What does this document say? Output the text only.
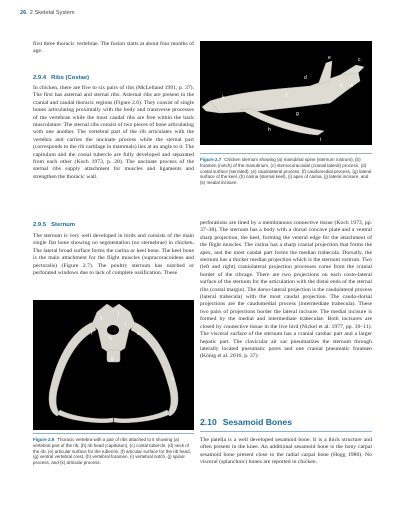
26 2 Skeletal System
first three thoracic vertebrae. The fusion starts at about four months of age.
2.9.4 Ribs (Costae)
In chicken, there are five to six pairs of ribs (McLelland 1991, p. 37). The first has asternal and sternal ribs. Asternal ribs are present in the cranial and caudal thoracic regions (Figure 2.6). They consist of single bones articulating proximally with the body and transverse processes of the vertebrae while the most caudal ribs are free within the back musculature. The sternal ribs consist of two pieces of bone articulating with one another. The vertebral part of the rib articulates with the vertebra and carries the uncinate process while the sternal part (corresponds to the rib cartilage in mammals) lies at an angle to it. The capitulum and the costal tubercle are fully developed and separated from each other (Koch 1973, p. 28). The uncinate process of the sternal ribs supply attachment for muscles and ligaments and strengthen the thoracic wall.
2.9.5 Sternum
The sternum is very well developed in birds and consists of the main single flat bone showing no segmentation (no sternebrae) in chicken. The lateral broad surface forms the carina or keel bone. The keel bone is the main attachment for the flight muscles (supracoracoideus and pectoralis) (Figure 2.7). The poultry sternum has notched or perforated windows due to lack of complete ossification. These
k
j
i
h
g
f	e
a
Figure 2.6 Thoracic vertebra with a pair of ribs attached to it showing (a) vertebral part of the rib, (b) rib head (capitulum), (c) costal tubercle, (d) neck of the rib, (e) articular surface for the tubercle, (f) articular surface for the rib head, (g) ventral vertebral crest, (h) vertebral foramen, (i) vertebral notch, (j) spinal process, and (k) articular process.
e
d
c
b a
f
g
h
k
i
Figure 2.7 Chicken sternum showing (a) manubrial spine (sternum rostrum), (b) foramen (notch) of the manubrium, (c) sternocoracoidal (cranial lateral) process, (d) costal surface (serrated), (e) caudolateral process, (f) caudomedial process, (g) lateral surface of the keel, (h) carina (sternal keel), (i) apex of carina, (j) lateral incisure, and (k) medial incisure.
perforations are lined by a membranous connective tissue (Koch 1973, pp. 37–38). The sternum has a body with a dorsal concave plate and a ventral sharp projection, the keel, forming the ventral edge for the attachment of the flight muscles. The carina has a sharp cranial projection that forms the apex, and the most caudal part forms the median trabecula. Dorsally, the sternum has a thicker median projection which is the sternum rostrum. Two (left and right) craniolateral projection processes come from the cranial border of the ribcage. There are two projections on each costo-lateral surface of the sternum for the articulation with the distal ends of the sternal ribs (costal margin). The dorso-lateral projection is the caudolateral process (lateral trabecula) with the most caudal projection. The caudo-dorsal projections are the caudomedial process (intermediate trabecula). These two pairs of projections border the lateral incisure. The medial incisure is formed by the medial and intermediate trabeculae. Both incisures are closed by connective tissue in the live bird (Nickel et al. 1977, pp. 10–11). The visceral surface of the sternum has a cranial cardiac part and a larger hepatic part. The clavicular air sac pneumatizes the sternum through laterally located pneumatic pores and one cranial pneumatic foramen (König et al. 2016, p. 37).
2.10 Sesamoid Bones
The patella is a well developed sesamoid bone. It is a thick structure and often present in the knee. An additional sesamoid bone is the bony carpal sesamoid bone present close to the radial carpal bone (Hogg 1980). No visceral (splanchnic) bones are reported in chicken.
